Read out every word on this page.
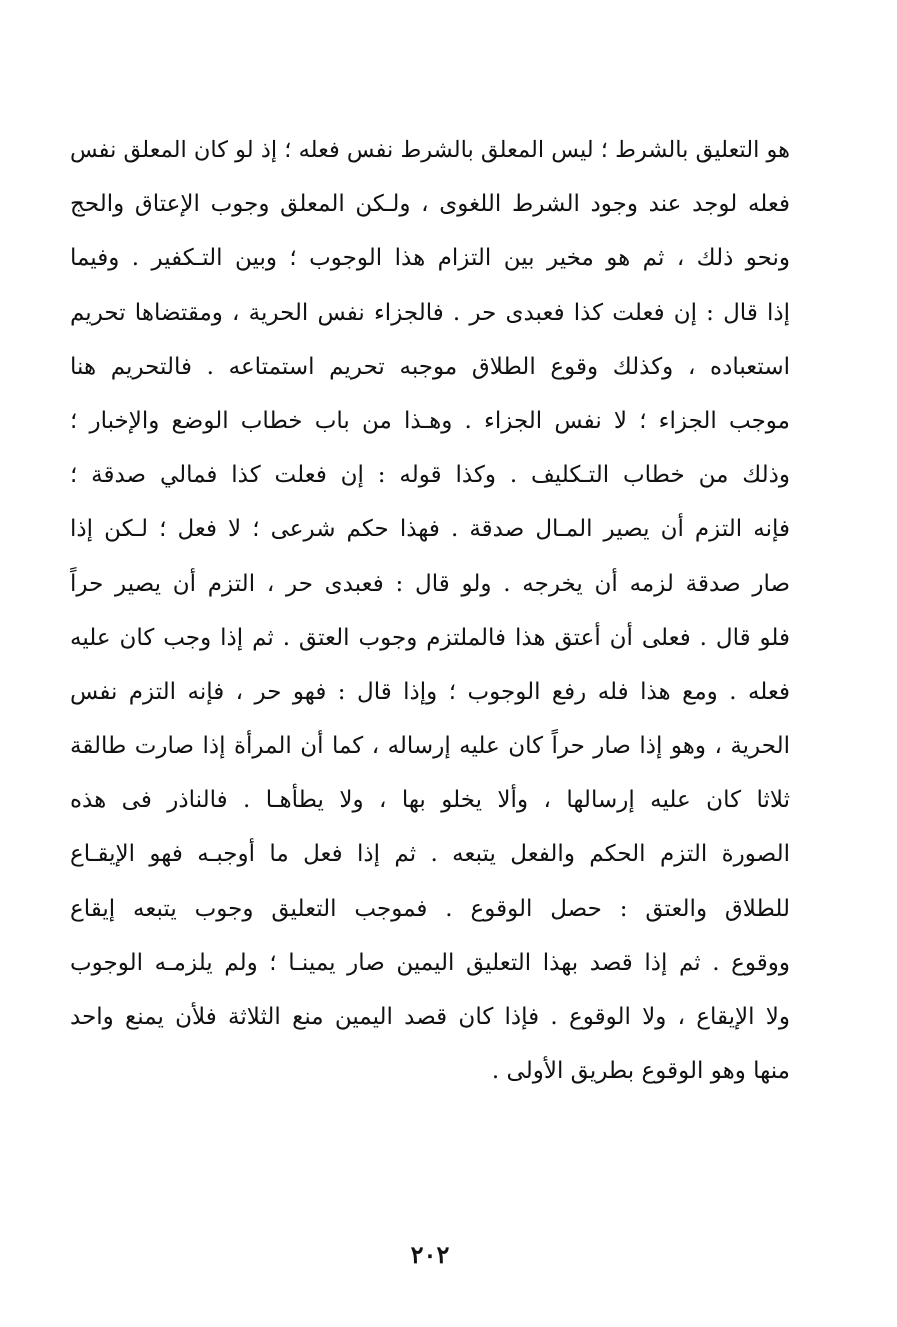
هو التعليق بالشرط ؛ ليس المعلق بالشرط نفس فعله ؛ إذ لو كان المعلق نفس
فعله لوجد عند وجود الشرط اللغوى ، ولـكن المعلق وجوب الإعتاق والحج
ونحو ذلك ، ثم هو مخير بين التزام هذا الوجوب ؛ وبين التـكفير . وفيما
إذا قال : إن فعلت كذا فعبدى حر . فالجزاء نفس الحرية ، ومقتضاها تحريم
استعباده ، وكذلك وقوع الطلاق موجبه تحريم استمتاعه . فالتحريم هنا
موجب الجزاء ؛ لا نفس الجزاء . وهـذا من باب خطاب الوضع والإخبار ؛
وذلك من خطاب التـكليف . وكذا قوله : إن فعلت كذا فمالي صدقة ؛
فإنه التزم أن يصير المـال صدقة . فهذا حكم شرعى ؛ لا فعل ؛ لـكن إذا
صار صدقة لزمه أن يخرجه . ولو قال : فعبدى حر ، التزم أن يصير حراً
فلو قال . فعلى أن أعتق هذا فالملتزم وجوب العتق . ثم إذا وجب كان عليه
فعله . ومع هذا فله رفع الوجوب ؛ وإذا قال : فهو حر ، فإنه التزم نفس
الحرية ، وهو إذا صار حراً كان عليه إرساله ، كما أن المرأة إذا صارت طالقة
ثلاثا كان عليه إرسالها ، وألا يخلو بها ، ولا يطأهـا . فالناذر فى هذه
الصورة التزم الحكم والفعل يتبعه . ثم إذا فعل ما أوجبـه فهو الإيقـاع
للطلاق والعتق : حصل الوقوع . فموجب التعليق وجوب يتبعه إيقاع
ووقوع . ثم إذا قصد بهذا التعليق اليمين صار يمينـا ؛ ولم يلزمـه الوجوب
ولا الإيقاع ، ولا الوقوع . فإذا كان قصد اليمين منع الثلاثة فلأن يمنع واحد
منها وهو الوقوع بطريق الأولى .
٢٠٢
